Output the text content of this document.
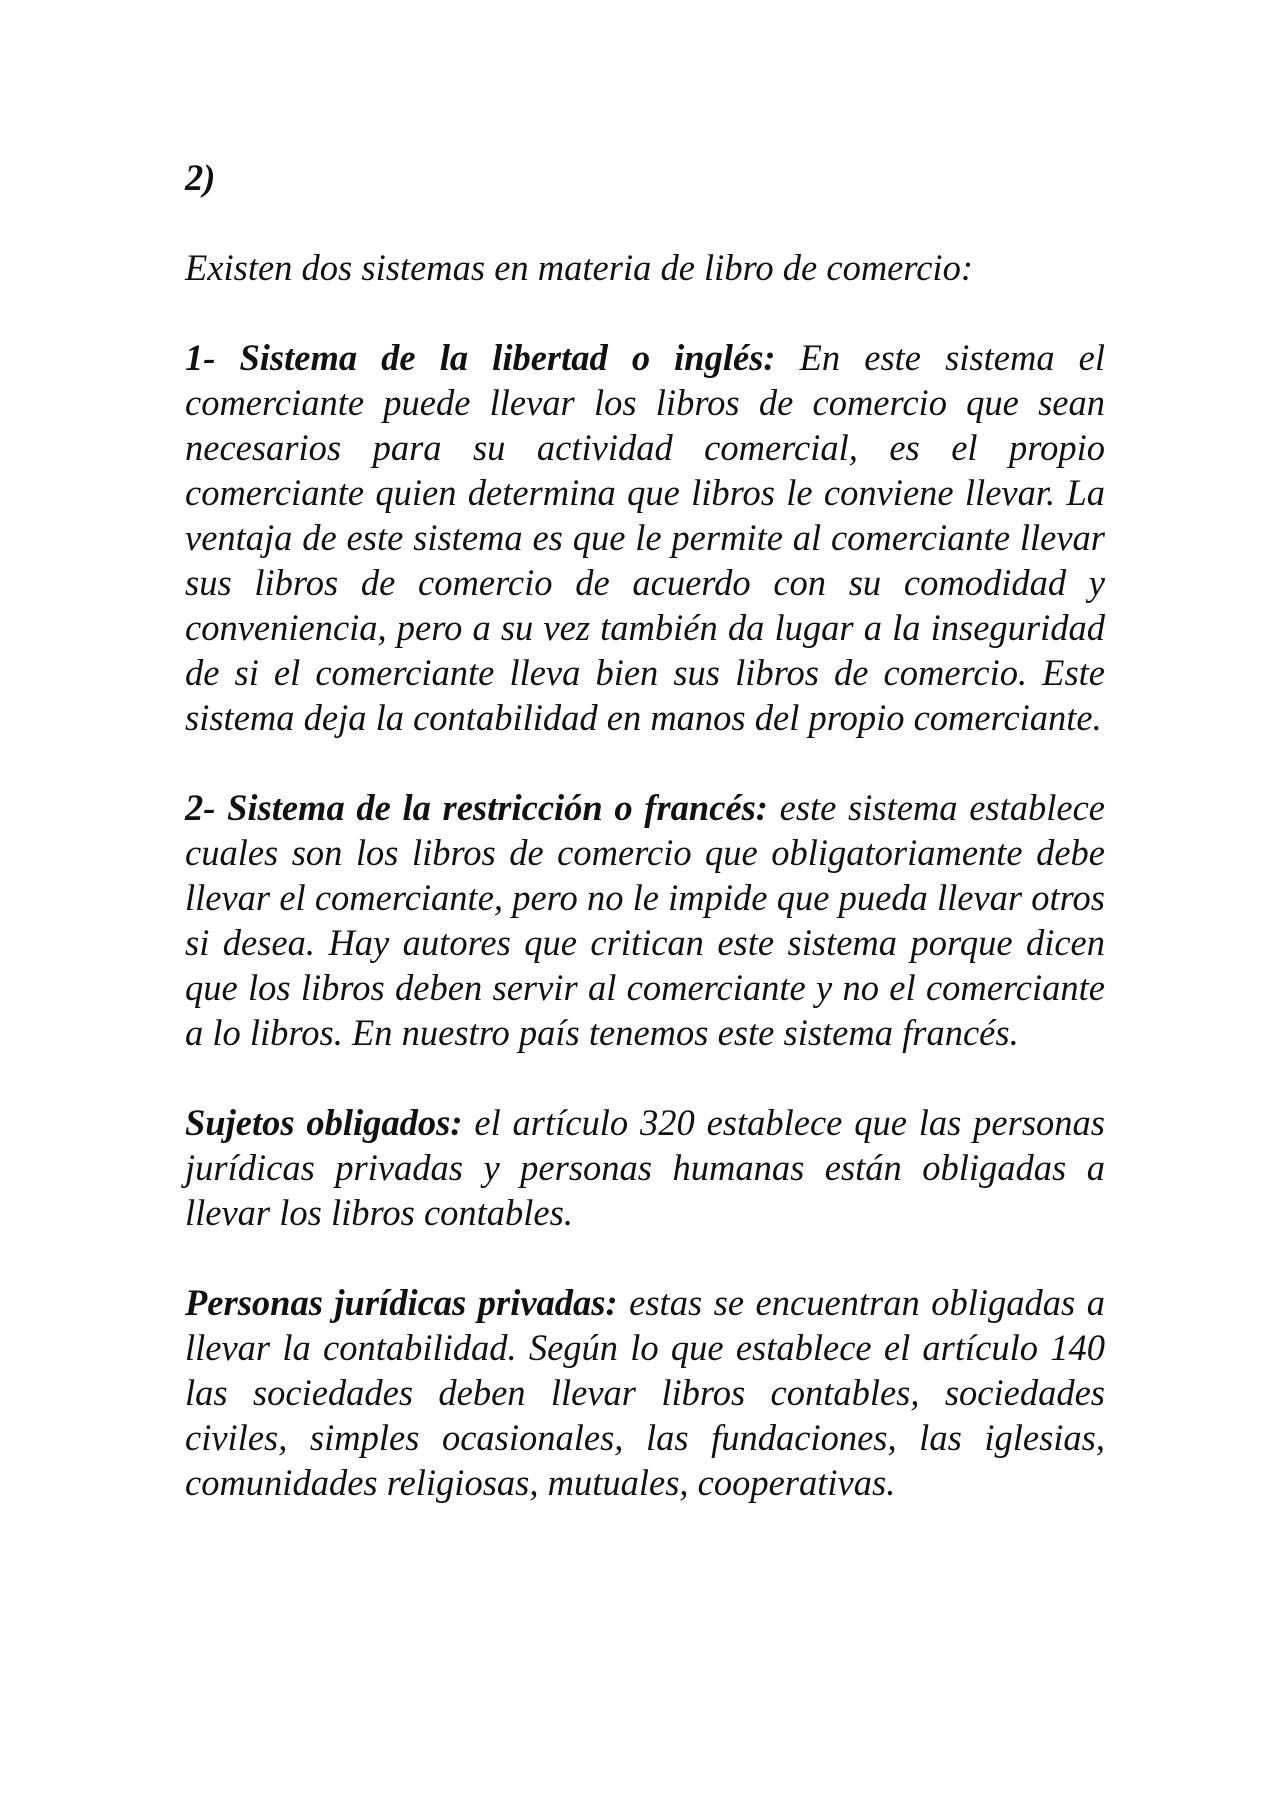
2)
Existen dos sistemas en materia de libro de comercio:

1- Sistema de la libertad o inglés: En este sistema el comerciante puede llevar los libros de comercio que sean necesarios para su actividad comercial, es el propio comerciante quien determina que libros le conviene llevar. La ventaja de este sistema es que le permite al comerciante llevar sus libros de comercio de acuerdo con su comodidad y conveniencia, pero a su vez también da lugar a la inseguridad de si el comerciante lleva bien sus libros de comercio. Este sistema deja la contabilidad en manos del propio comerciante.

2- Sistema de la restricción o francés: este sistema establece cuales son los libros de comercio que obligatoriamente debe llevar el comerciante, pero no le impide que pueda llevar otros si desea. Hay autores que critican este sistema porque dicen que los libros deben servir al comerciante y no el comerciante a lo libros. En nuestro país tenemos este sistema francés.

Sujetos obligados: el artículo 320 establece que las personas jurídicas privadas y personas humanas están obligadas a llevar los libros contables.

Personas jurídicas privadas: estas se encuentran obligadas a llevar la contabilidad. Según lo que establece el artículo 140 las sociedades deben llevar libros contables, sociedades civiles, simples ocasionales, las fundaciones, las iglesias, comunidades religiosas, mutuales, cooperativas.
